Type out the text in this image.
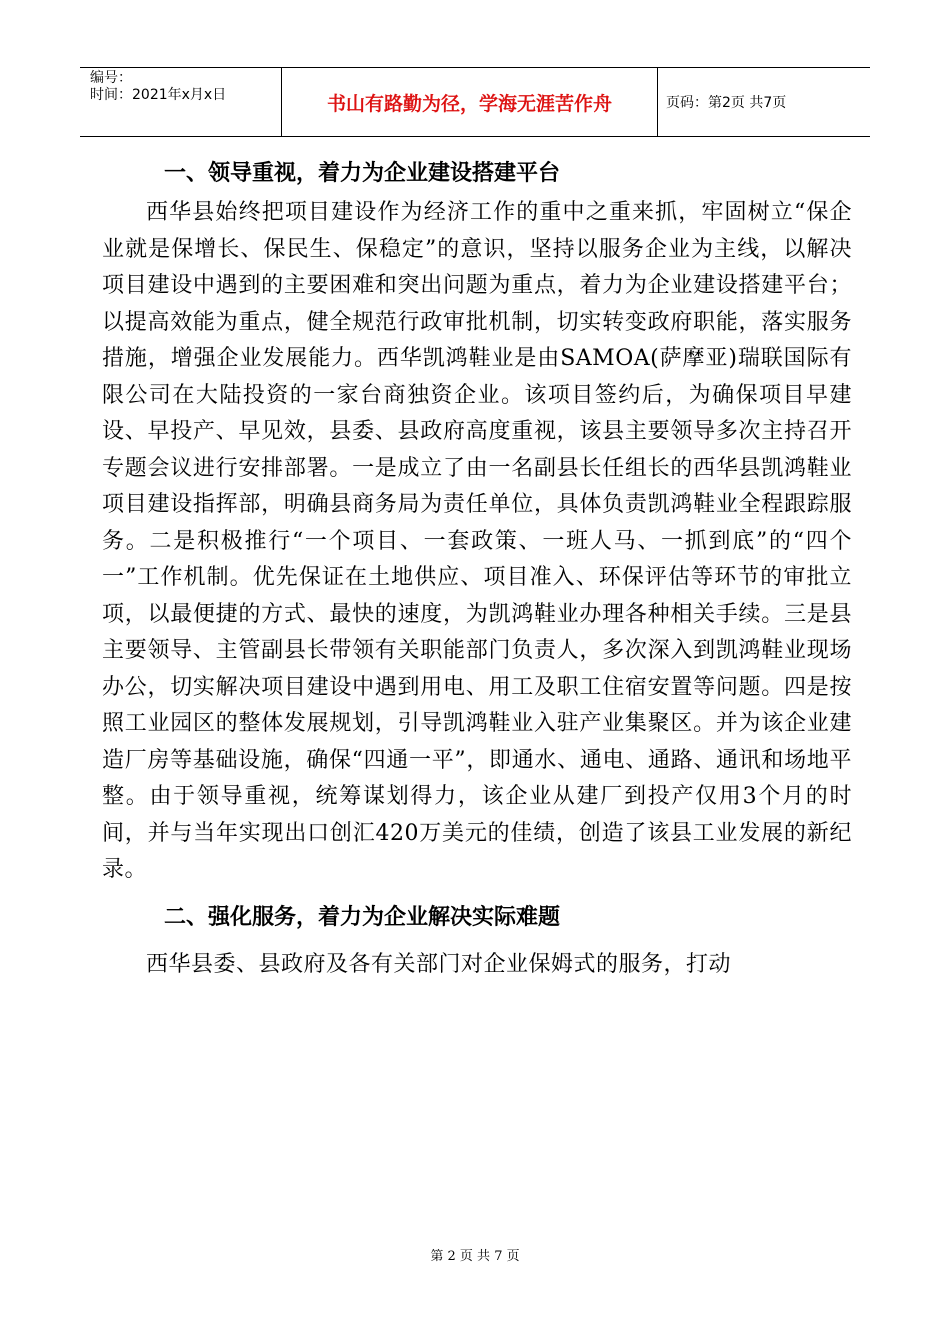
编号：
时间：2021年x月x日	书山有路勤为径，学海无涯苦作舟	页码：第2页 共7页
一、领导重视，着力为企业建设搭建平台

西华县始终把项目建设作为经济工作的重中之重来抓，牢固树立“保企业就是保增长、保民生、保稳定”的意识，坚持以服务企业为主线，以解决项目建设中遇到的主要困难和突出问题为重点，着力为企业建设搭建平台；以提高效能为重点，健全规范行政审批机制，切实转变政府职能，落实服务措施，增强企业发展能力。西华凯鸿鞋业是由SAMOA(萨摩亚)瑞联国际有限公司在大陆投资的一家台商独资企业。该项目签约后，为确保项目早建设、早投产、早见效，县委、县政府高度重视，该县主要领导多次主持召开专题会议进行安排部署。一是成立了由一名副县长任组长的西华县凯鸿鞋业项目建设指挥部，明确县商务局为责任单位，具体负责凯鸿鞋业全程跟踪服务。二是积极推行“一个项目、一套政策、一班人马、一抓到底”的“四个一”工作机制。优先保证在土地供应、项目准入、环保评估等环节的审批立项，以最便捷的方式、最快的速度，为凯鸿鞋业办理各种相关手续。三是县主要领导、主管副县长带领有关职能部门负责人，多次深入到凯鸿鞋业现场办公，切实解决项目建设中遇到用电、用工及职工住宿安置等问题。四是按照工业园区的整体发展规划，引导凯鸿鞋业入驻产业集聚区。并为该企业建造厂房等基础设施，确保“四通一平”，即通水、通电、通路、通讯和场地平整。由于领导重视，统筹谋划得力，该企业从建厂到投产仅用3个月的时间，并与当年实现出口创汇420万美元的佳绩，创造了该县工业发展的新纪录。

二、强化服务，着力为企业解决实际难题

西华县委、县政府及各有关部门对企业保姆式的服务，打动

第 2 页 共 7 页
